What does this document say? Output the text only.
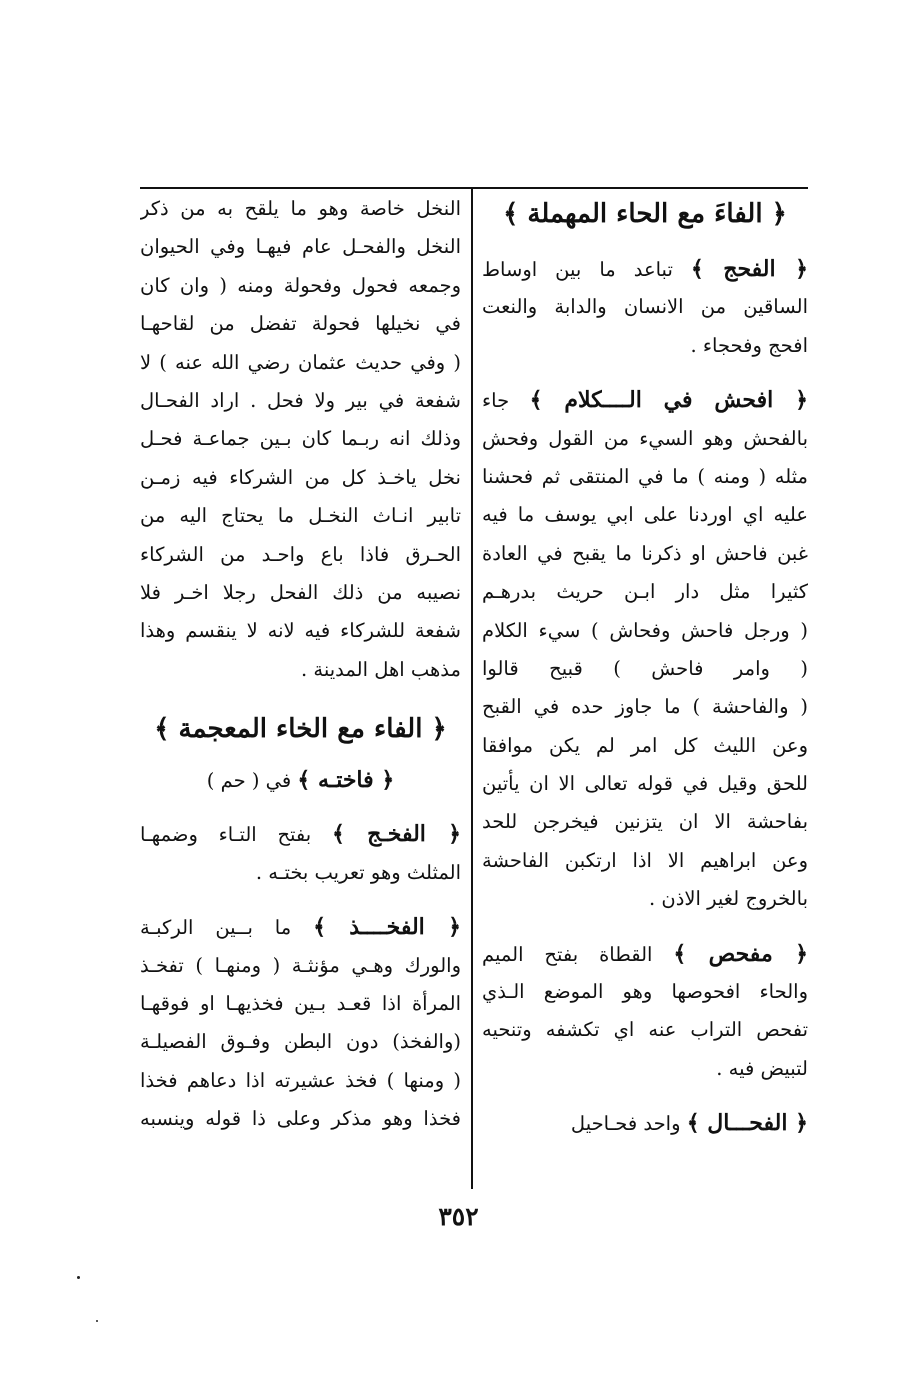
﴿ الفاءَ مع الحاء المهملة ﴾
﴿ الفحج ﴾ تباعد ما بين اوساط
الساقين من الانسان والدابة والنعت
افحج وفحجاء .
﴿ افحش في الــــكلام ﴾ جاء
بالفحش وهو السيء من القول وفحش
مثله ( ومنه ) ما في المنتقى ثم فحشنا
عليه اي اوردنا على ابي يوسف ما فيه
غبن فاحش او ذكرنا ما يقبح في العادة
كثيرا مثل دار ابـن حريث بدرهـم
( ورجل فاحش وفحاش ) سيء الكلام
( وامر فاحش ) قبيح قالوا
( والفاحشة ) ما جاوز حده في القبح
وعن الليث كل امر لم يكن موافقا
للحق وقيل في قوله تعالى الا ان يأتين
بفاحشة الا ان يتزنين فيخرجن للحد
وعن ابراهيم الا اذا ارتكبن الفاحشة
بالخروج لغير الاذن .
﴿ مفحص ﴾ القطاة بفتح الميم
والحاء افحوصها وهو الموضع الـذي
تفحص التراب عنه اي تكشفه وتنحيه
لتبيض فيه .
﴿ الفحـــال ﴾ واحد فحـاحيل
النخل خاصة وهو ما يلقح به من ذكر
النخل والفحـل عام فيهـا وفي الحيوان
وجمعه فحول وفحولة ومنه ( وان كان
في نخيلها فحولة تفضل من لقاحهـا
( وفي حديث عثمان رضي الله عنه ) لا
شفعة في بير ولا فحل . اراد الفحـال
وذلك انه ربـما كان بـين جماعـة فحـل
نخل ياخـذ كل من الشركاء فيه زمـن
تابير انـاث النخـل ما يحتاج اليه من
الحـرق فاذا باع واحـد من الشركاء
نصيبه من ذلك الفحل رجلا اخـر فلا
شفعة للشركاء فيه لانه لا ينقسم وهذا
مذهب اهل المدينة .
﴿ الفاء مع الخاء المعجمة ﴾
﴿ فاختـه ﴾ في ( حم )
﴿ الفخـج ﴾ بفتح التـاء وضمهـا
المثلث وهو تعريب بختـه .
﴿ الفخــــذ ﴾ ما بــين الركبـة
والورك وهـي مؤنثـة ( ومنهـا ) تفخـذ
المرأة اذا قعـد بـين فخذيهـا او فوقهـا
(والفخذ) دون البطن وفـوق الفصيلـة
( ومنها ) فخذ عشيرته اذا دعاهم فخذا
فخذا وهو مذكر وعلى ذا قوله وينسبه
٣٥٢
